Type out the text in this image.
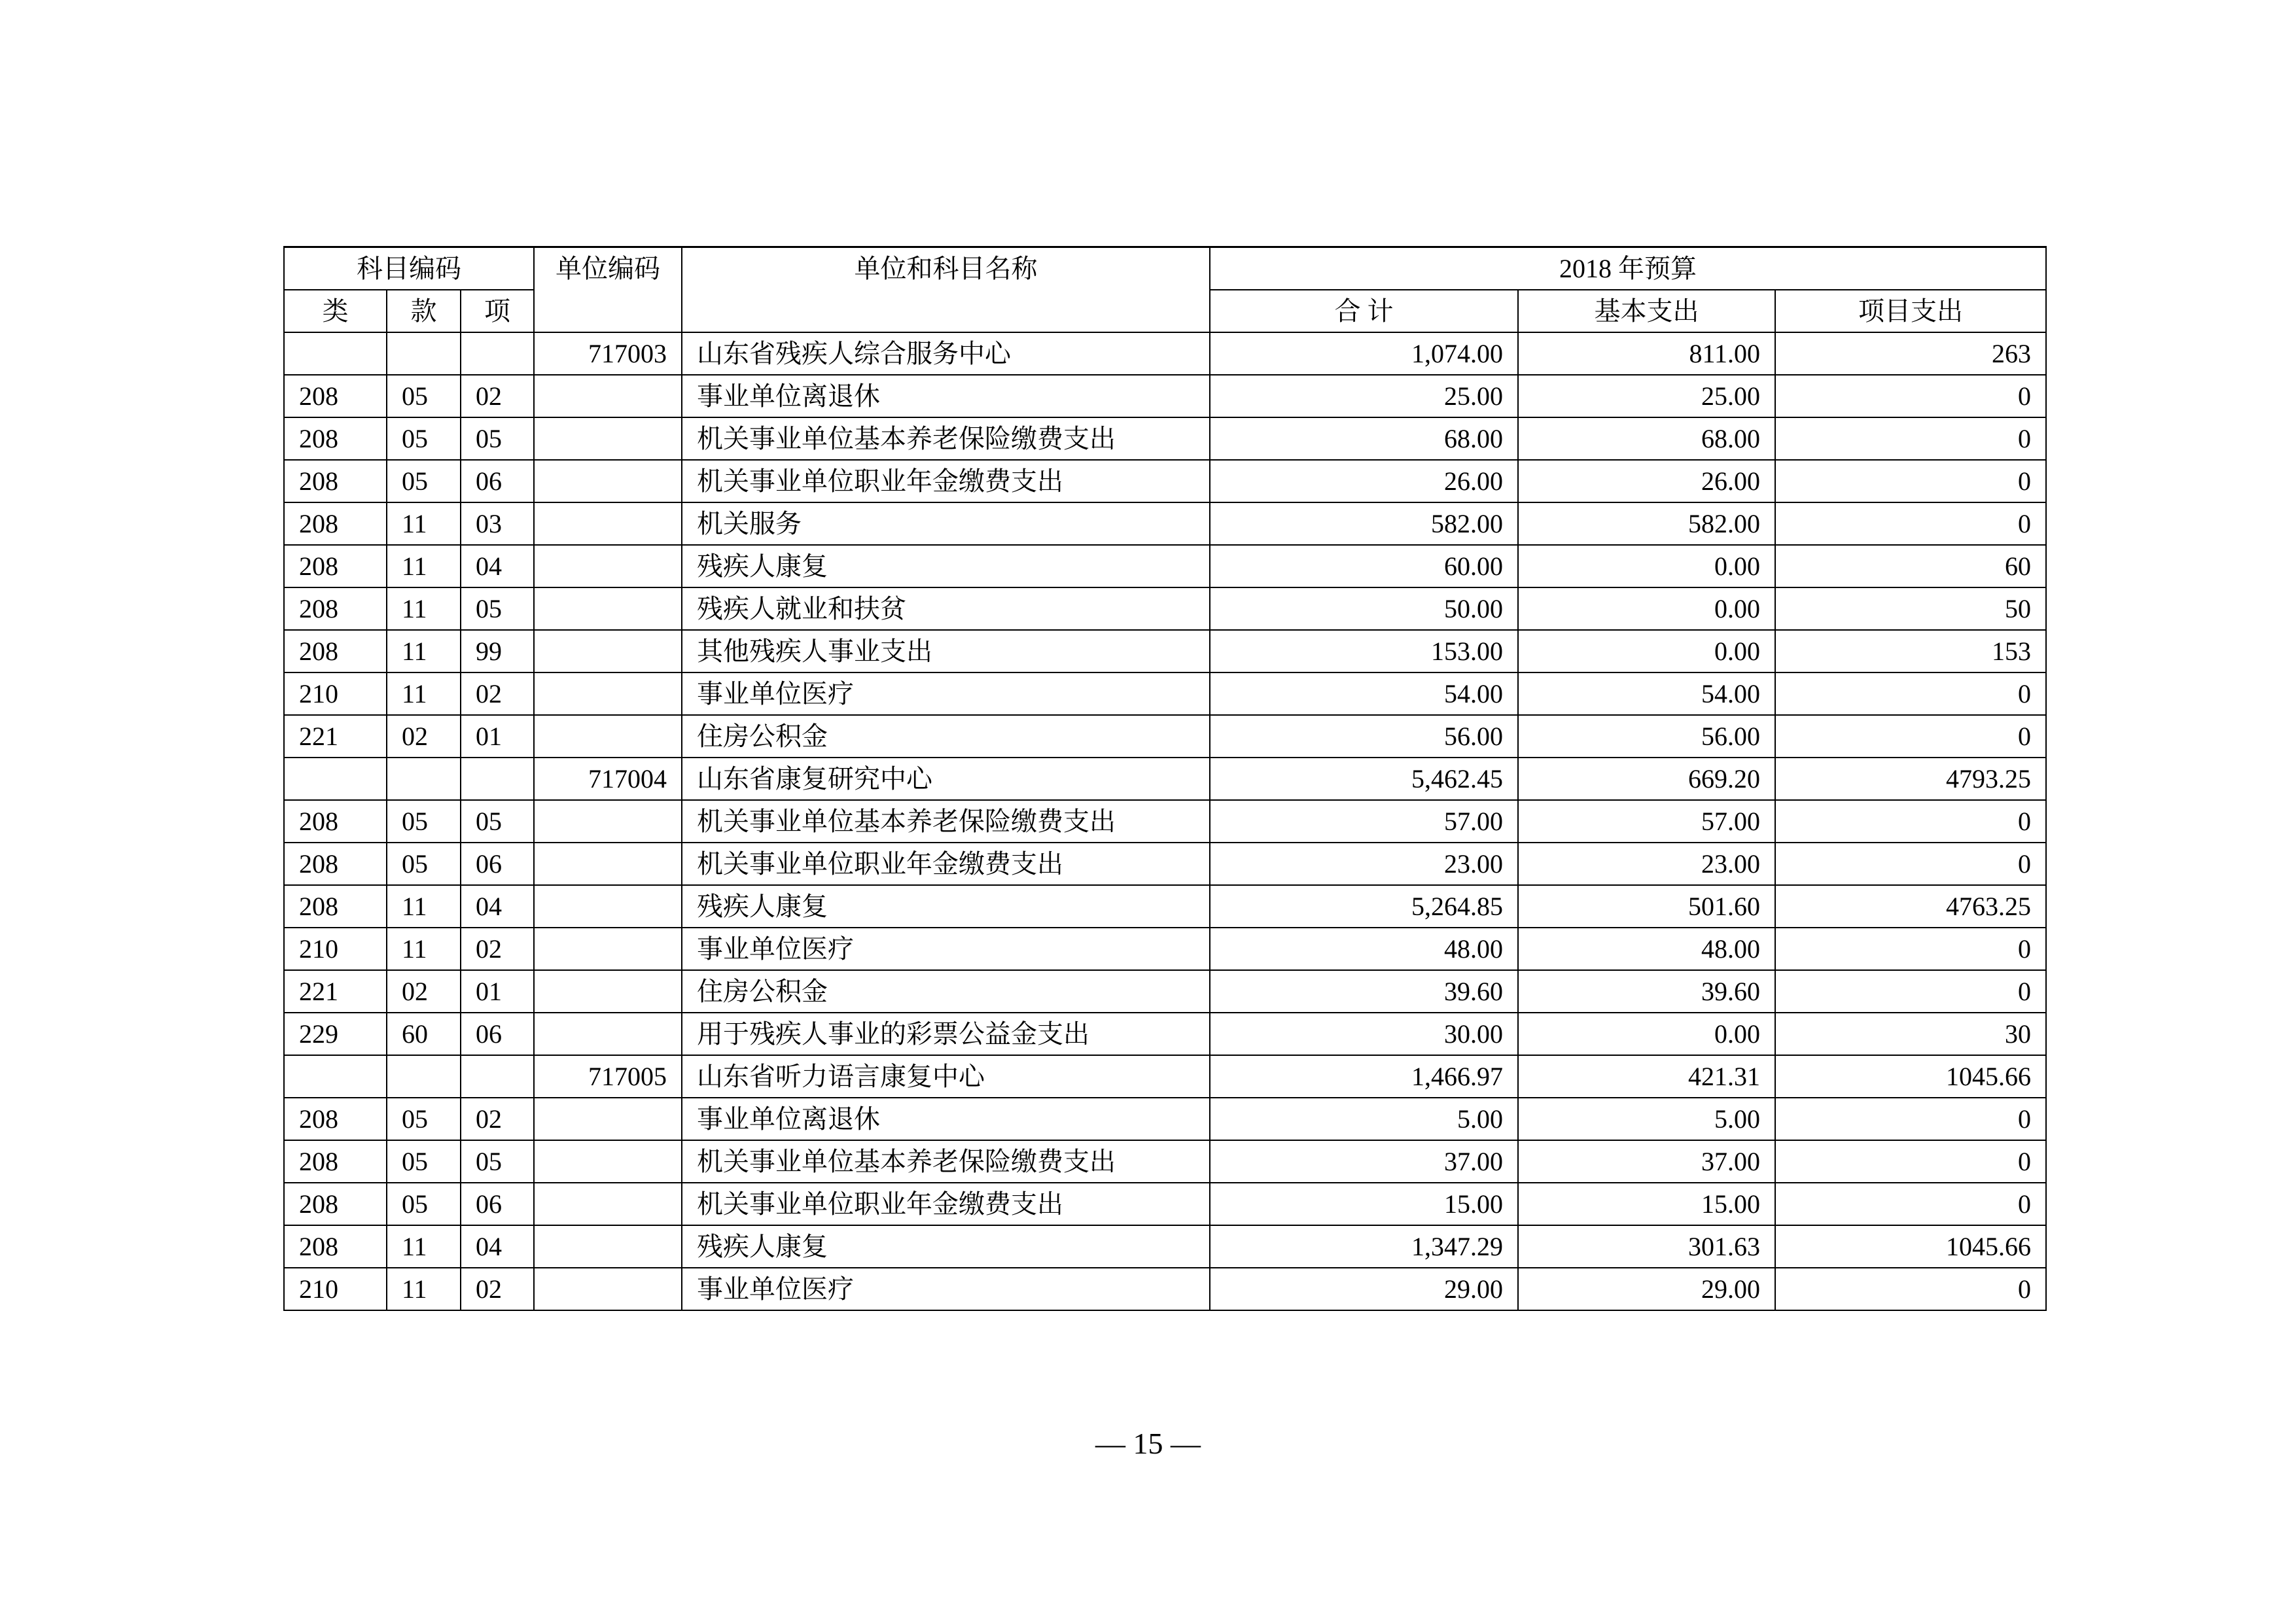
科目编码			单位编码	单位和科目名称	2018 年预算		
类	款	项			合 计	基本支出	项目支出
			717003	山东省残疾人综合服务中心	1,074.00	811.00	263
208	05	02		事业单位离退休	25.00	25.00	0
208	05	05		机关事业单位基本养老保险缴费支出	68.00	68.00	0
208	05	06		机关事业单位职业年金缴费支出	26.00	26.00	0
208	11	03		机关服务	582.00	582.00	0
208	11	04		残疾人康复	60.00	0.00	60
208	11	05		残疾人就业和扶贫	50.00	0.00	50
208	11	99		其他残疾人事业支出	153.00	0.00	153
210	11	02		事业单位医疗	54.00	54.00	0
221	02	01		住房公积金	56.00	56.00	0
			717004	山东省康复研究中心	5,462.45	669.20	4793.25
208	05	05		机关事业单位基本养老保险缴费支出	57.00	57.00	0
208	05	06		机关事业单位职业年金缴费支出	23.00	23.00	0
208	11	04		残疾人康复	5,264.85	501.60	4763.25
210	11	02		事业单位医疗	48.00	48.00	0
221	02	01		住房公积金	39.60	39.60	0
229	60	06		用于残疾人事业的彩票公益金支出	30.00	0.00	30
			717005	山东省听力语言康复中心	1,466.97	421.31	1045.66
208	05	02		事业单位离退休	5.00	5.00	0
208	05	05		机关事业单位基本养老保险缴费支出	37.00	37.00	0
208	05	06		机关事业单位职业年金缴费支出	15.00	15.00	0
208	11	04		残疾人康复	1,347.29	301.63	1045.66
210	11	02		事业单位医疗	29.00	29.00	0
— 15 —
